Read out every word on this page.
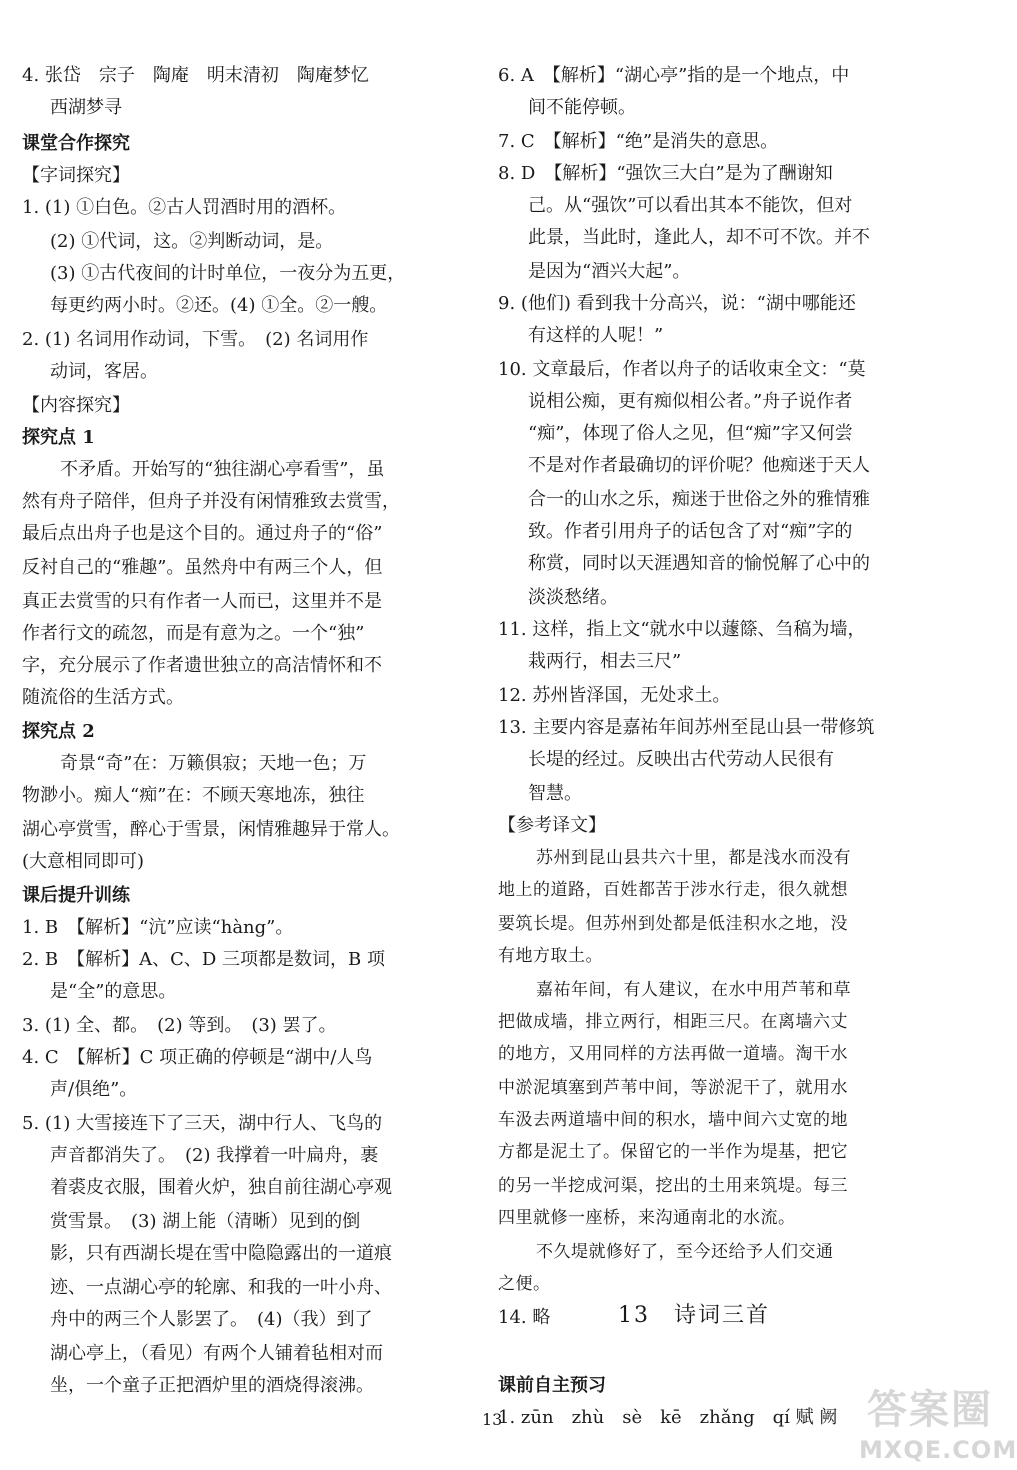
4. 张岱　宗子　陶庵　明末清初　陶庵梦忆
西湖梦寻
课堂合作探究
【字词探究】
1. (1) ①白色。②古人罚酒时用的酒杯。
(2) ①代词，这。②判断动词，是。
(3) ①古代夜间的计时单位，一夜分为五更，
每更约两小时。②还。(4) ①全。②一艘。
2. (1) 名词用作动词，下雪。　(2) 名词用作
动词，客居。
【内容探究】
探究点 1
不矛盾。开始写的“独往湖心亭看雪”，虽
然有舟子陪伴，但舟子并没有闲情雅致去赏雪，
最后点出舟子也是这个目的。通过舟子的“俗”
反衬自己的“雅趣”。虽然舟中有两三个人，但
真正去赏雪的只有作者一人而已，这里并不是
作者行文的疏忽，而是有意为之。一个“独”
字，充分展示了作者遗世独立的高洁情怀和不
随流俗的生活方式。
探究点 2
奇景“奇”在：万籁俱寂；天地一色；万
物渺小。痴人“痴”在：不顾天寒地冻，独往
湖心亭赏雪，醉心于雪景，闲情雅趣异于常人。
(大意相同即可)
课后提升训练
1. B　【解析】“沆”应读“hàng”。
2. B　【解析】A、C、D 三项都是数词，B 项
是“全”的意思。
3. (1) 全、都。　(2) 等到。　(3) 罢了。
4. C　【解析】C 项正确的停顿是“湖中/人鸟
声/俱绝”。
5. (1) 大雪接连下了三天，湖中行人、飞鸟的
声音都消失了。　(2) 我撑着一叶扁舟，裹
着裘皮衣服，围着火炉，独自前往湖心亭观
赏雪景。　(3) 湖上能（清晰）见到的倒
影，只有西湖长堤在雪中隐隐露出的一道痕
迹、一点湖心亭的轮廓、和我的一叶小舟、
舟中的两三个人影罢了。　(4)（我）到了
湖心亭上，（看见）有两个人铺着毡相对而
坐，一个童子正把酒炉里的酒烧得滚沸。
6. A　【解析】“湖心亭”指的是一个地点，中
间不能停顿。
7. C　【解析】“绝”是消失的意思。
8. D　【解析】“强饮三大白”是为了酬谢知
己。从“强饮”可以看出其本不能饮，但对
此景，当此时，逢此人，却不可不饮。并不
是因为“酒兴大起”。
9. (他们) 看到我十分高兴，说：“湖中哪能还
有这样的人呢！”
10. 文章最后，作者以舟子的话收束全文：“莫
说相公痴，更有痴似相公者。”舟子说作者
“痴”，体现了俗人之见，但“痴”字又何尝
不是对作者最确切的评价呢？他痴迷于天人
合一的山水之乐，痴迷于世俗之外的雅情雅
致。作者引用舟子的话包含了对“痴”字的
称赏，同时以天涯遇知音的愉悦解了心中的
淡淡愁绪。
11. 这样，指上文“就水中以蘧篨、刍稿为墙，
栽两行，相去三尺”
12. 苏州皆泽国，无处求土。
13. 主要内容是嘉祐年间苏州至昆山县一带修筑
长堤的经过。反映出古代劳动人民很有
智慧。
【参考译文】
苏州到昆山县共六十里，都是浅水而没有
地上的道路，百姓都苦于涉水行走，很久就想
要筑长堤。但苏州到处都是低洼积水之地，没
有地方取土。
嘉祐年间，有人建议，在水中用芦苇和草
把做成墙，排立两行，相距三尺。在离墙六丈
的地方，又用同样的方法再做一道墙。淘干水
中淤泥填塞到芦苇中间，等淤泥干了，就用水
车汲去两道墙中间的积水，墙中间六丈宽的地
方都是泥土了。保留它的一半作为堤基，把它
的另一半挖成河渠，挖出的土用来筑堤。每三
四里就修一座桥，来沟通南北的水流。
不久堤就修好了，至今还给予人们交通
之便。
14. 略
课前自主预习
1. zūn　zhù　sè　kē　zhǎng　qí 赋 阙
13　诗词三首
13	答案圈
MXQE.COM
